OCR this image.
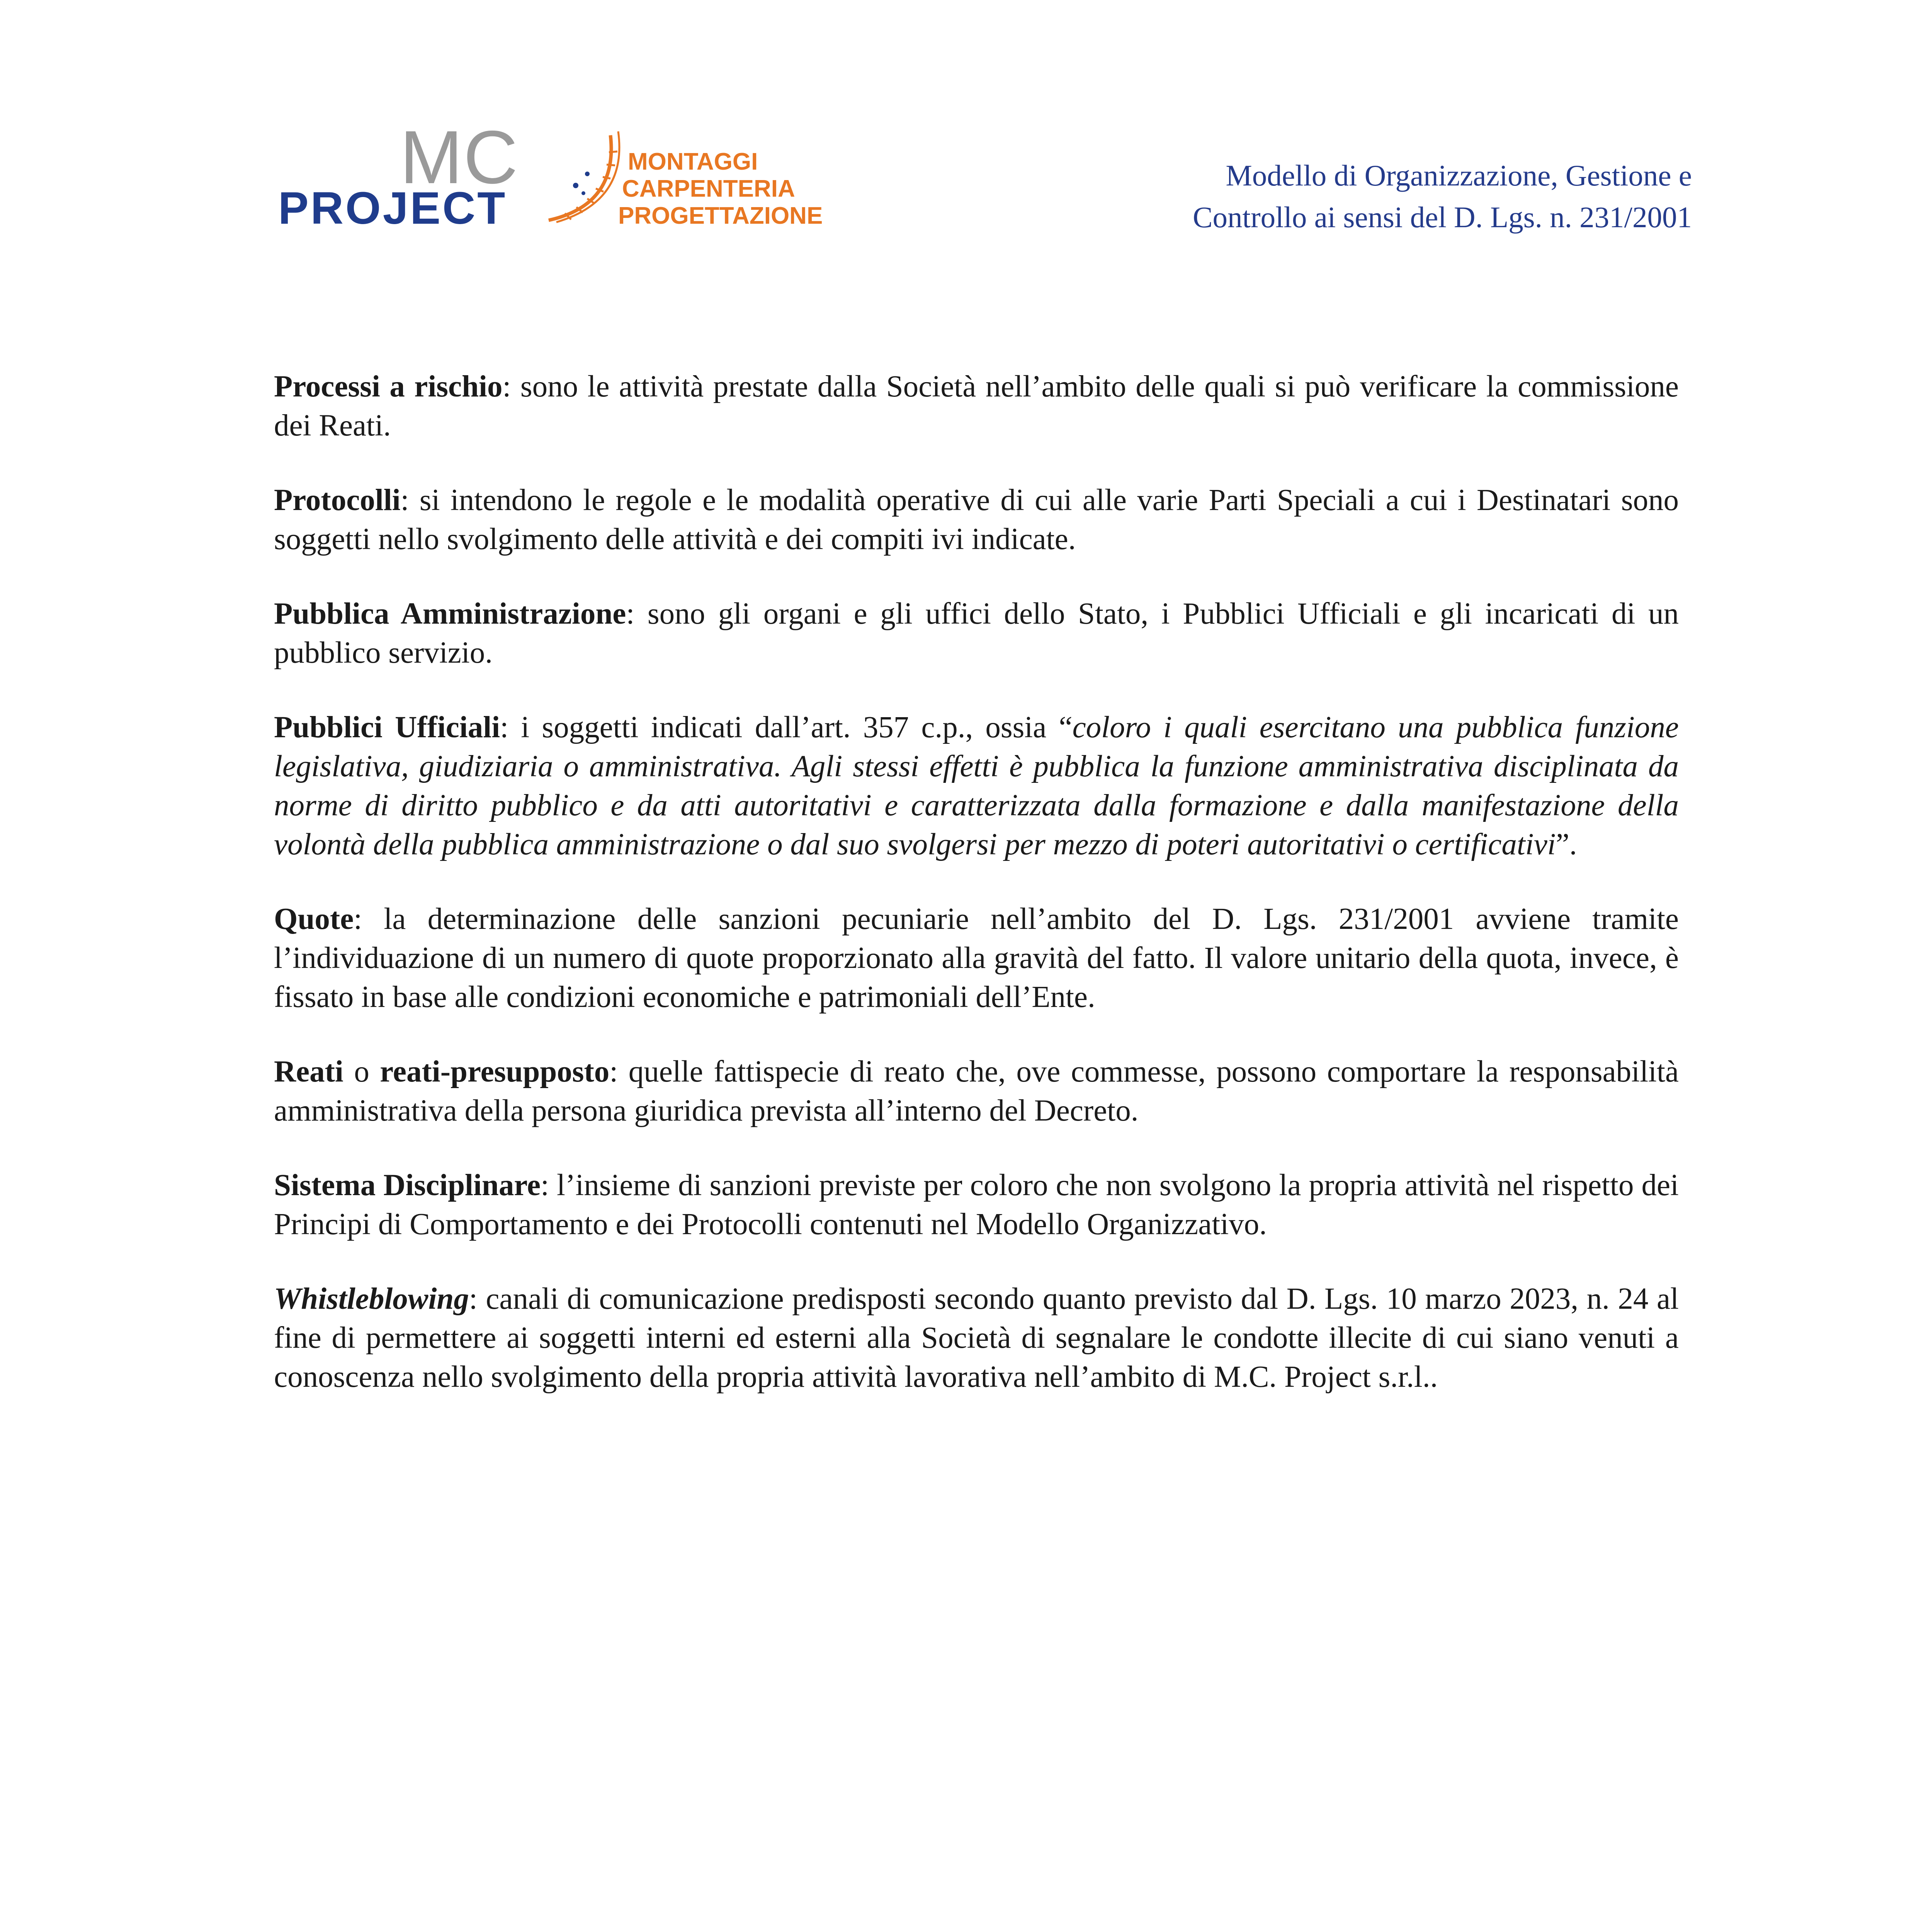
MC
PROJECT
MONTAGGI
CARPENTERIA
PROGETTAZIONE
Modello di Organizzazione, Gestione e
Controllo ai sensi del D. Lgs. n. 231/2001

Processi a rischio: sono le attività prestate dalla Società nell’ambito delle quali si può verificare la commissione dei Reati.

Protocolli: si intendono le regole e le modalità operative di cui alle varie Parti Speciali a cui i Destinatari sono soggetti nello svolgimento delle attività e dei compiti ivi indicate.

Pubblica Amministrazione: sono gli organi e gli uffici dello Stato, i Pubblici Ufficiali e gli incaricati di un pubblico servizio.

Pubblici Ufficiali: i soggetti indicati dall’art. 357 c.p., ossia “coloro i quali esercitano una pubblica funzione legislativa, giudiziaria o amministrativa. Agli stessi effetti è pubblica la funzione amministrativa disciplinata da norme di diritto pubblico e da atti autoritativi e caratterizzata dalla formazione e dalla manifestazione della volontà della pubblica amministrazione o dal suo svolgersi per mezzo di poteri autoritativi o certificativi”.

Quote: la determinazione delle sanzioni pecuniarie nell’ambito del D. Lgs. 231/2001 avviene tramite l’individuazione di un numero di quote proporzionato alla gravità del fatto. Il valore unitario della quota, invece, è fissato in base alle condizioni economiche e patrimoniali dell’Ente.

Reati o reati-presupposto: quelle fattispecie di reato che, ove commesse, possono comportare la responsabilità amministrativa della persona giuridica prevista all’interno del Decreto.

Sistema Disciplinare: l’insieme di sanzioni previste per coloro che non svolgono la propria attività nel rispetto dei Principi di Comportamento e dei Protocolli contenuti nel Modello Organizzativo.

Whistleblowing: canali di comunicazione predisposti secondo quanto previsto dal D. Lgs. 10 marzo 2023, n. 24 al fine di permettere ai soggetti interni ed esterni alla Società di segnalare le condotte illecite di cui siano venuti a conoscenza nello svolgimento della propria attività lavorativa nell’ambito di M.C. Project s.r.l..
